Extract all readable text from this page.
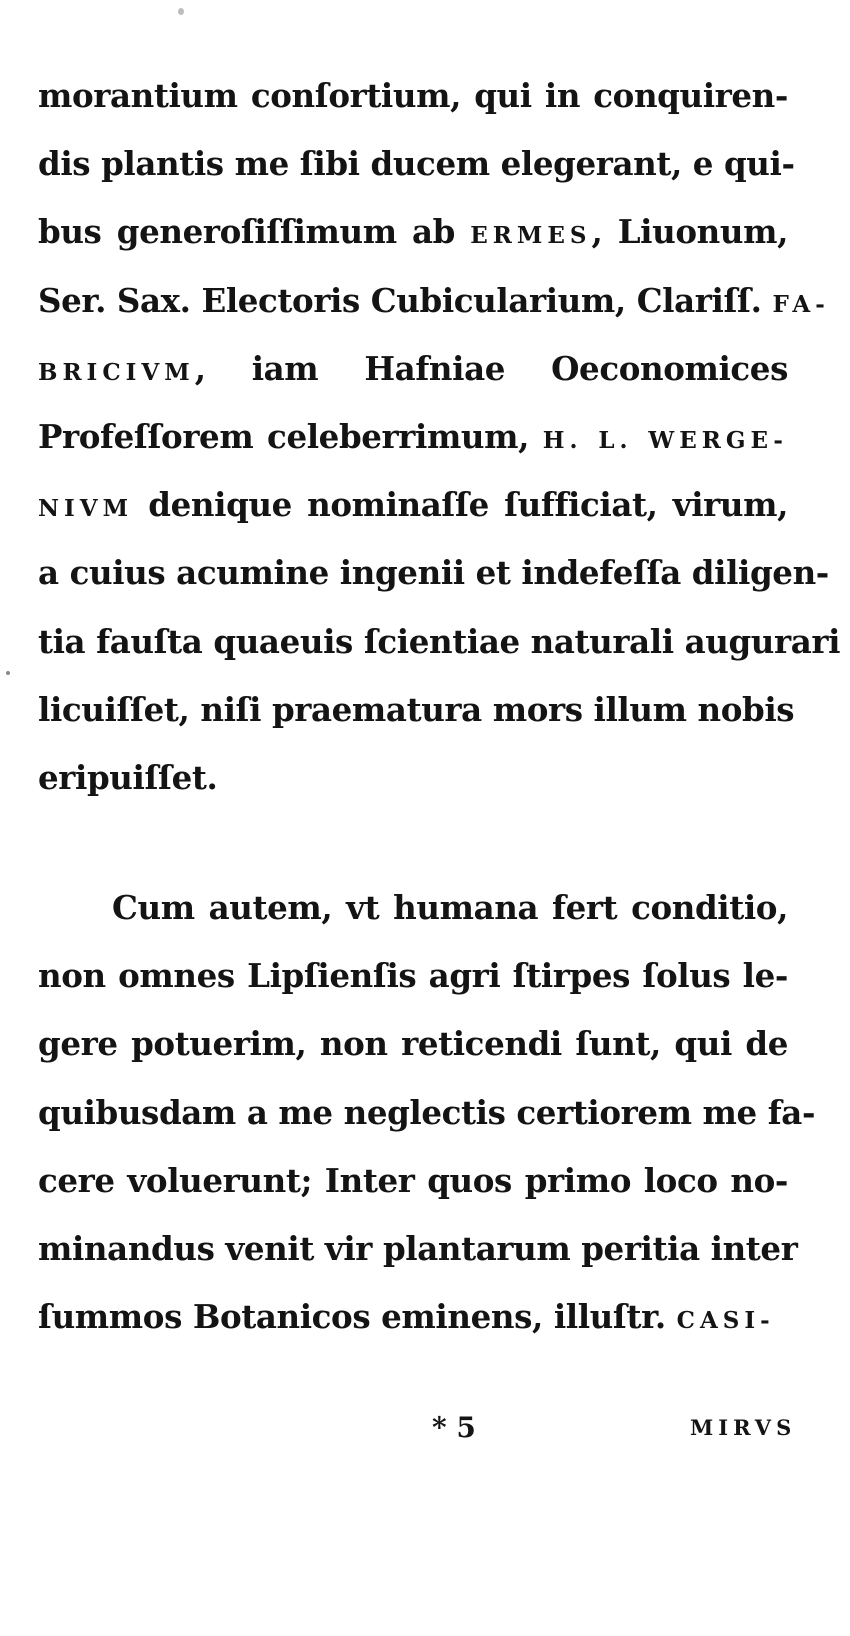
morantium conſortium, qui in conquiren-
dis plantis me ſibi ducem elegerant, e qui-
bus generoſiſſimum ab ERMES, Liuonum,
Ser. Sax. Electoris Cubicularium, Clariſſ. FA-
BRICIVM, iam Hafniae Oeconomices
Profeſſorem celeberrimum, H. L. WERGE-
NIVM denique nominaſſe ſufficiat, virum,
a cuius acumine ingenii et indefeſſa diligen-
tia fauſta quaeuis ſcientiae naturali augurari
licuiſſet, niſi praematura mors illum nobis
eripuiſſet.
Cum autem, vt humana fert conditio,
non omnes Lipſienſis agri ſtirpes ſolus le-
gere potuerim, non reticendi ſunt, qui de
quibusdam a me neglectis certiorem me fa-
cere voluerunt; Inter quos primo loco no-
minandus venit vir plantarum peritia inter
ſummos Botanicos eminens, illuſtr. CASI-
* 5	MIRVS
